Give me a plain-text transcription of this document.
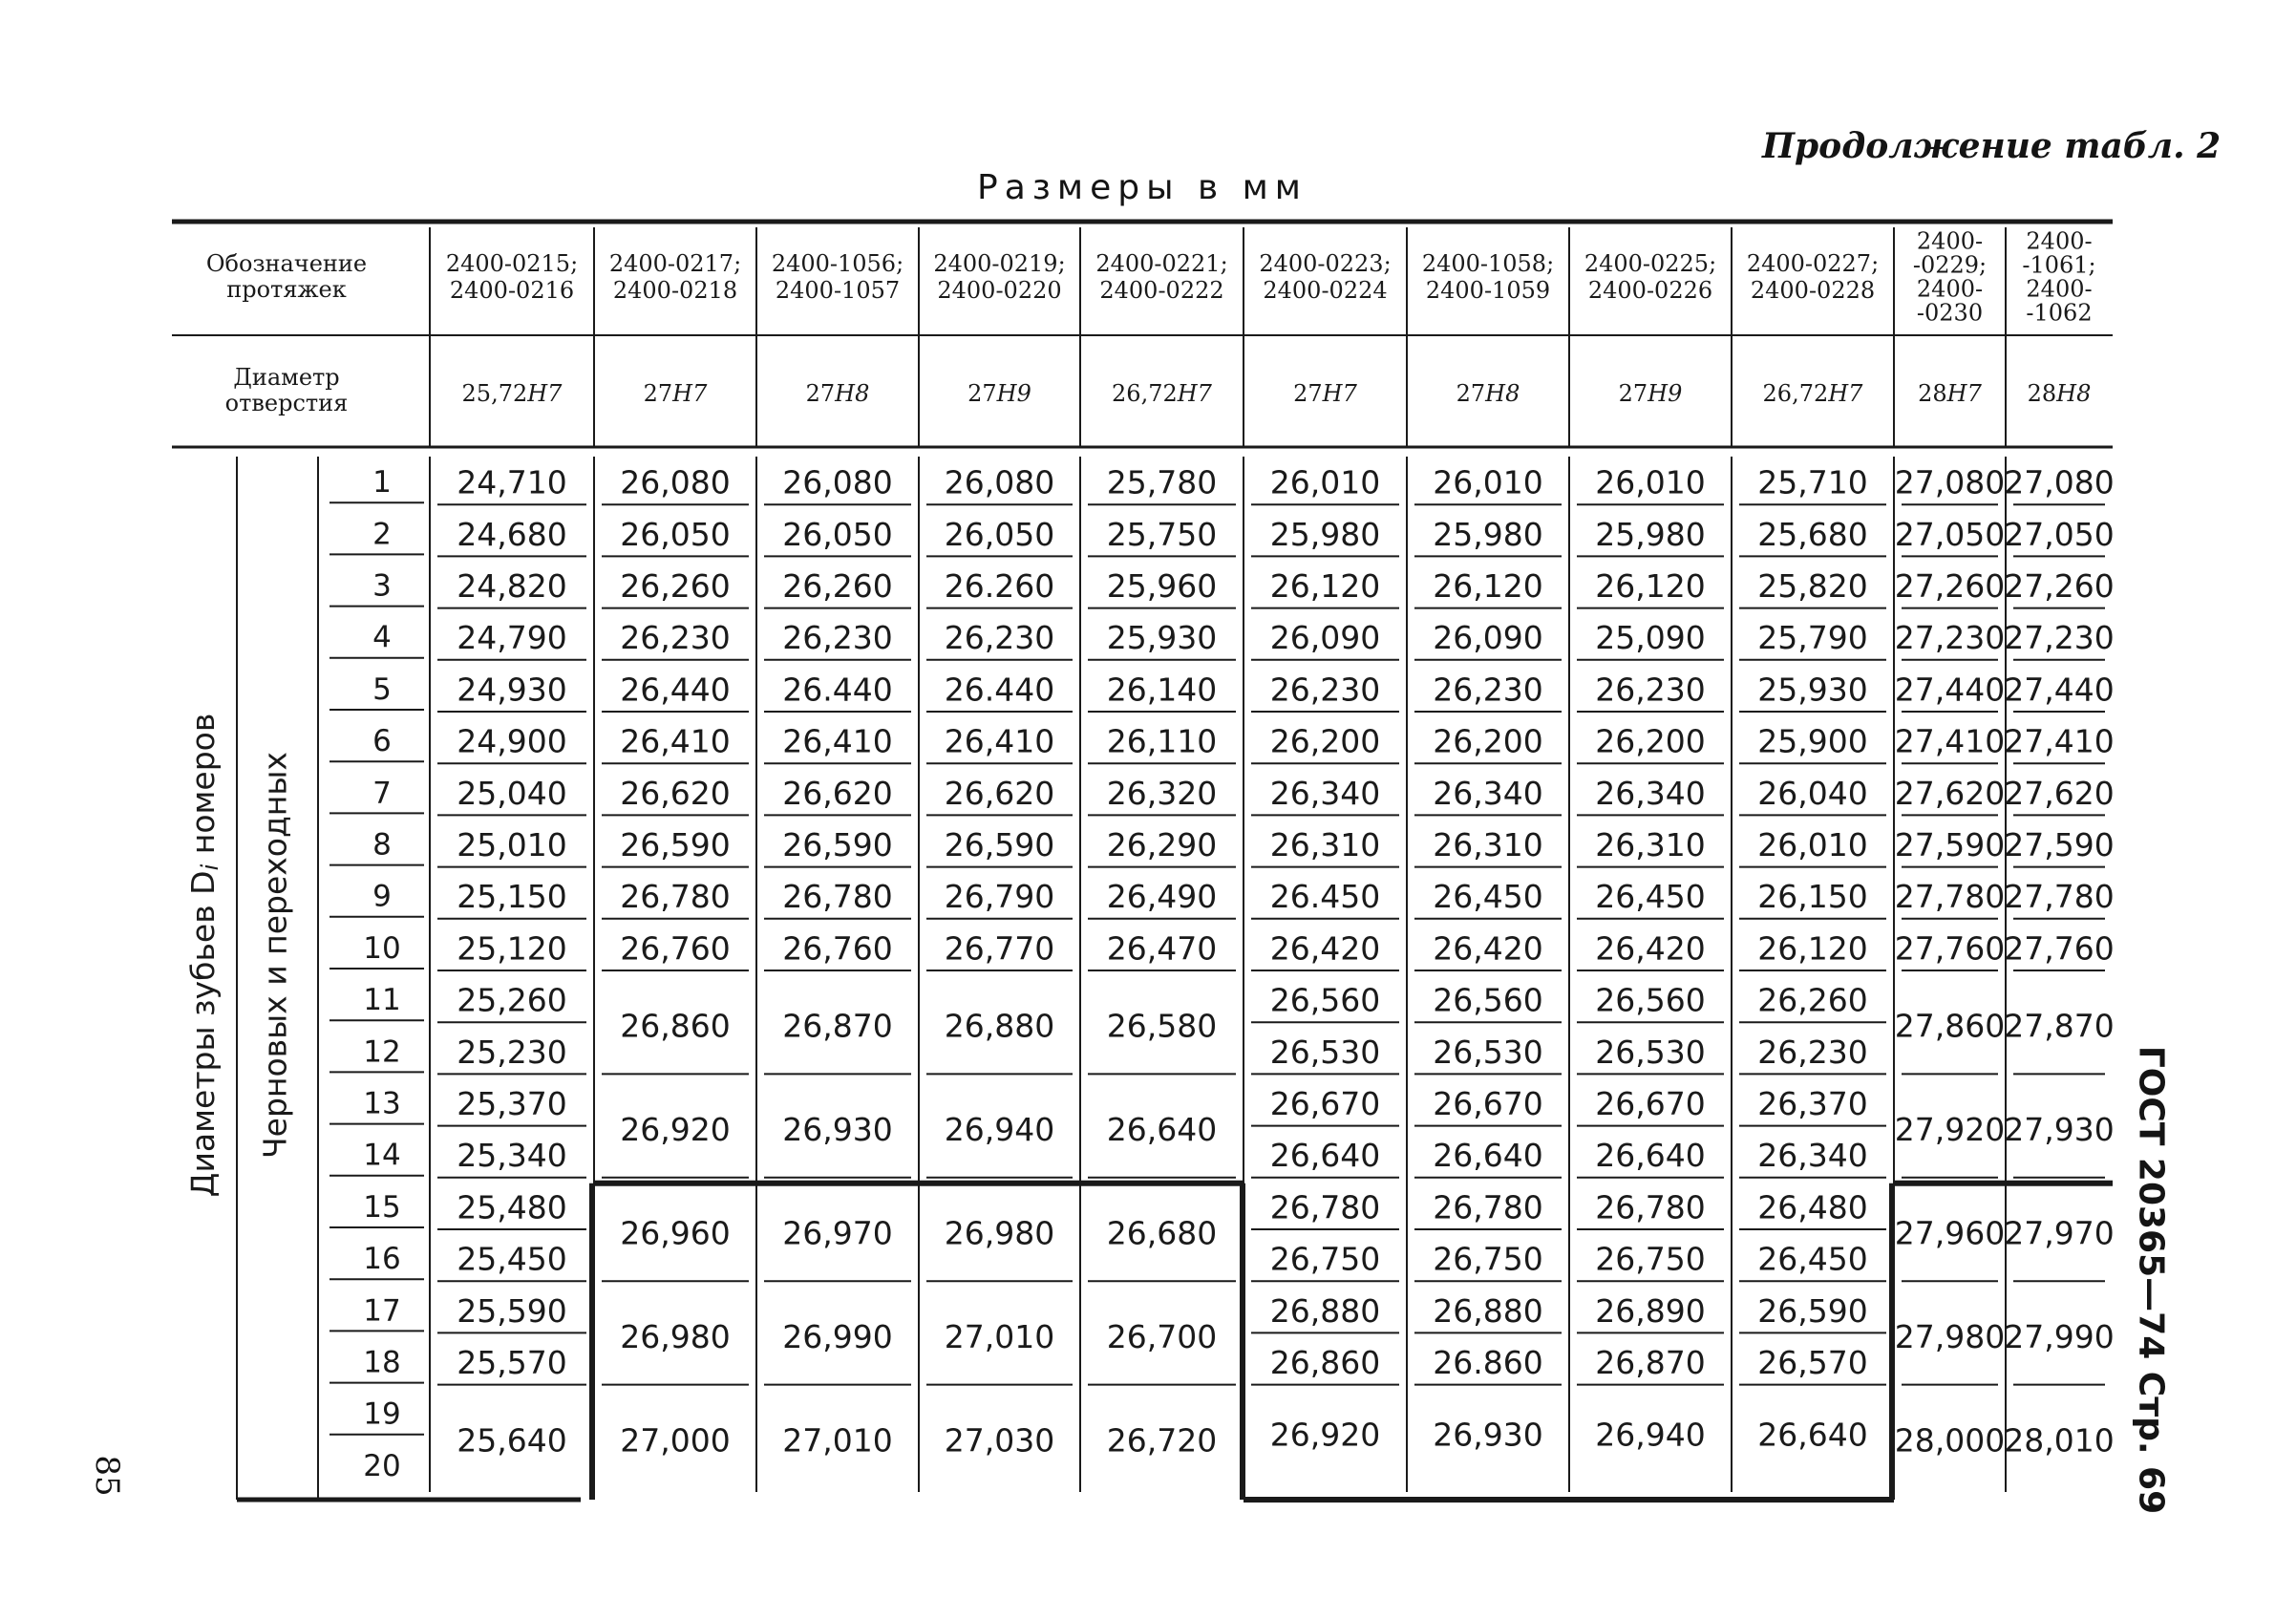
Продолжение табл. 2
Размеры в мм
85	ГОСТ 20365—74 Стр. 69
Обозначение
протяжек
Диаметр
отверстия
2400-0215;
2400-0216
25,72H7
2400-0217;
2400-0218
27H7
2400-1056;
2400-1057
27H8
2400-0219;
2400-0220
27H9
2400-0221;
2400-0222
26,72H7
2400-0223;
2400-0224
27H7
2400-1058;
2400-1059
27H8
2400-0225;
2400-0226
27H9
2400-0227;
2400-0228
26,72H7
2400-
-0229;
2400-
-0230
28H7
2400-
-1061;
2400-
-1062
28H8
Диаметры зубьев $D_i$ номеров Черновых и переходных
1
2
3
4
5
6
7
8
9
10
11
12
13
14
15
16
17
18
19
20
24,710 26,080 26,080 26,080 25,780 26,010 26,010 26,010 25,710 27,080 27,080
24,680 26,050 26,050 26,050 25,750 25,980 25,980 25,980 25,680 27,050 27,050
24,820 26,260 26,260 26.260 25,960 26,120 26,120 26,120 25,820 27,260 27,260
24,790 26,230 26,230 26,230 25,930 26,090 26,090 25,090 25,790 27,230 27,230
24,930 26,440 26.440 26.440 26,140 26,230 26,230 26,230 25,930 27,440 27,440
24,900 26,410 26,410 26,410 26,110 26,200 26,200 26,200 25,900 27,410 27,410
25,040 26,620 26,620 26,620 26,320 26,340 26,340 26,340 26,040 27,620 27,620
25,010 26,590 26,590 26,590 26,290 26,310 26,310 26,310 26,010 27,590 27,590
25,150 26,780 26,780 26,790 26,490 26.450 26,450 26,450 26,150 27,780 27,780
25,120 26,760 26,760 26,770 26,470 26,420 26,420 26,420 26,120 27,760 27,760
25,260
25,230
25,370
25,340
25,480
25,450
25,590
25,570
25,640
26,860 26,870 26,880 26,580
26,920 26,930 26,940 26,640
26,960 26,970 26,980 26,680
26,980 26,990 27,010 26,700
27,000 27,010 27,030 26,720
26,560 26,560 26,560 26,260
26,530 26,530 26,530 26,230
26,670 26,670 26,670 26,370
26,640 26,640 26,640 26,340
26,780 26,780 26,780 26,480
26,750 26,750 26,750 26,450
26,880 26,880 26,890 26,590
26,860 26.860 26,870 26,570
26,920 26,930 26,940 26,640
27,860 27,870
27,920 27,930
27,960 27,970
27,980 27,990
28,000 28,010
